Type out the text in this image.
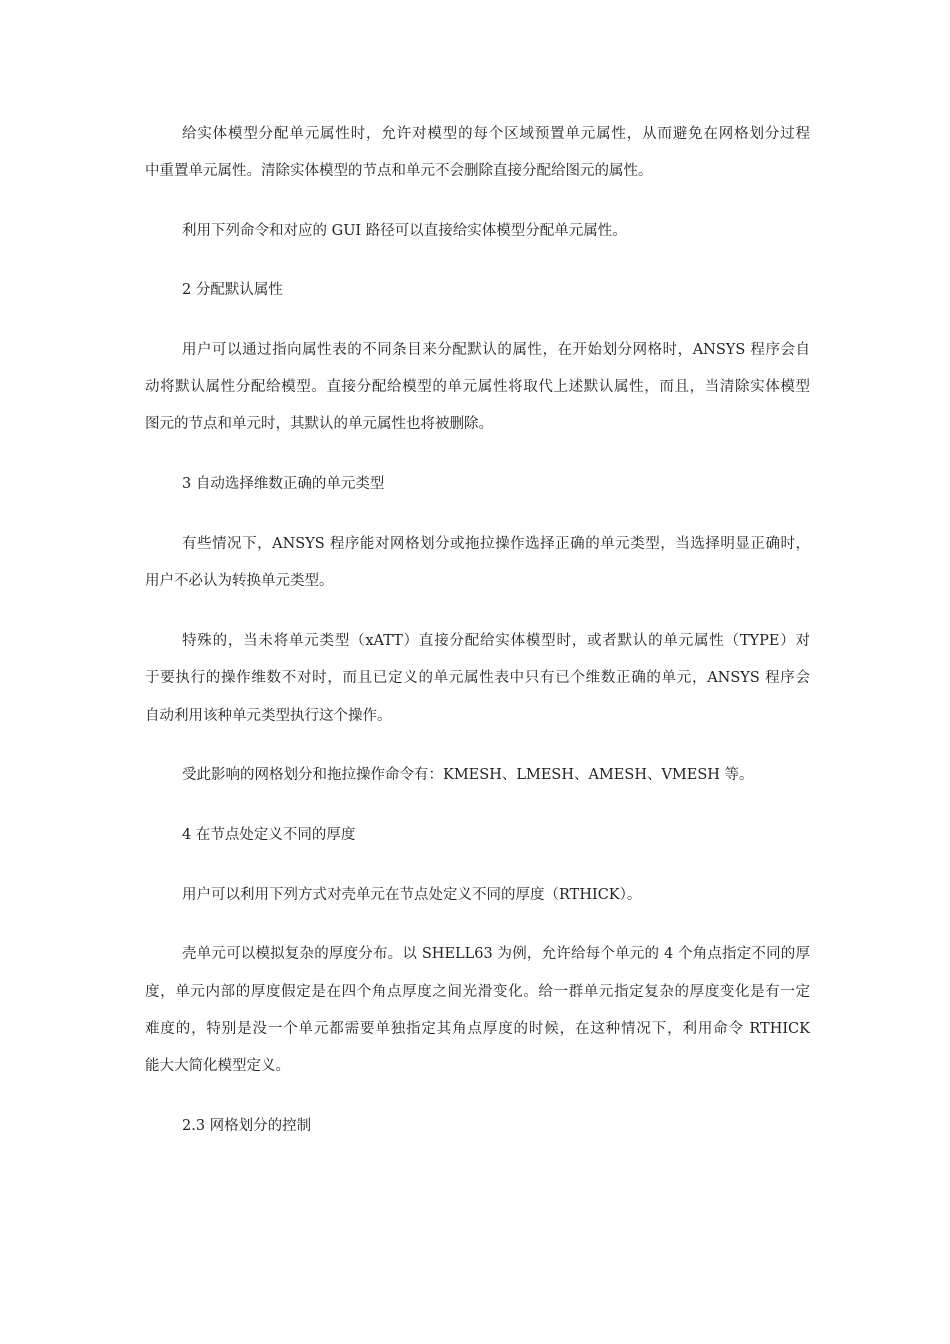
给实体模型分配单元属性时，允许对模型的每个区域预置单元属性，从而避免在网格划分过程
中重置单元属性。清除实体模型的节点和单元不会删除直接分配给图元的属性。
利用下列命令和对应的 GUI 路径可以直接给实体模型分配单元属性。
2 分配默认属性
用户可以通过指向属性表的不同条目来分配默认的属性，在开始划分网格时，ANSYS 程序会自
动将默认属性分配给模型。直接分配给模型的单元属性将取代上述默认属性，而且，当清除实体模型
图元的节点和单元时，其默认的单元属性也将被删除。
3 自动选择维数正确的单元类型
有些情况下，ANSYS 程序能对网格划分或拖拉操作选择正确的单元类型，当选择明显正确时，
用户不必认为转换单元类型。
特殊的，当未将单元类型（xATT）直接分配给实体模型时，或者默认的单元属性（TYPE）对
于要执行的操作维数不对时，而且已定义的单元属性表中只有已个维数正确的单元，ANSYS 程序会
自动利用该种单元类型执行这个操作。
受此影响的网格划分和拖拉操作命令有：KMESH、LMESH、AMESH、VMESH 等。
4 在节点处定义不同的厚度
用户可以利用下列方式对壳单元在节点处定义不同的厚度（RTHICK）。
壳单元可以模拟复杂的厚度分布。以 SHELL63 为例，允许给每个单元的 4 个角点指定不同的厚
度，单元内部的厚度假定是在四个角点厚度之间光滑变化。给一群单元指定复杂的厚度变化是有一定
难度的，特别是没一个单元都需要单独指定其角点厚度的时候，在这种情况下，利用命令 RTHICK
能大大简化模型定义。
2.3 网格划分的控制
